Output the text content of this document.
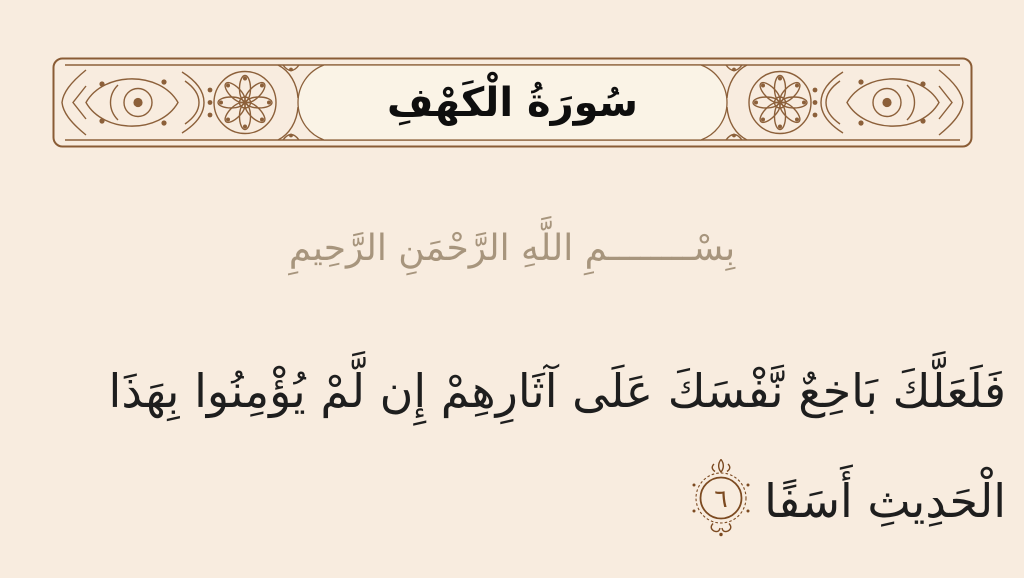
سُورَةُ الْكَهْفِ
بِسْــــــــمِ اللَّهِ الرَّحْمَنِ الرَّحِيمِ
فَلَعَلَّكَ بَاخِعٌ نَّفْسَكَ عَلَى آثَارِهِمْ إِن لَّمْ يُؤْمِنُوا بِهَذَا
الْحَدِيثِ أَسَفًا
٦
